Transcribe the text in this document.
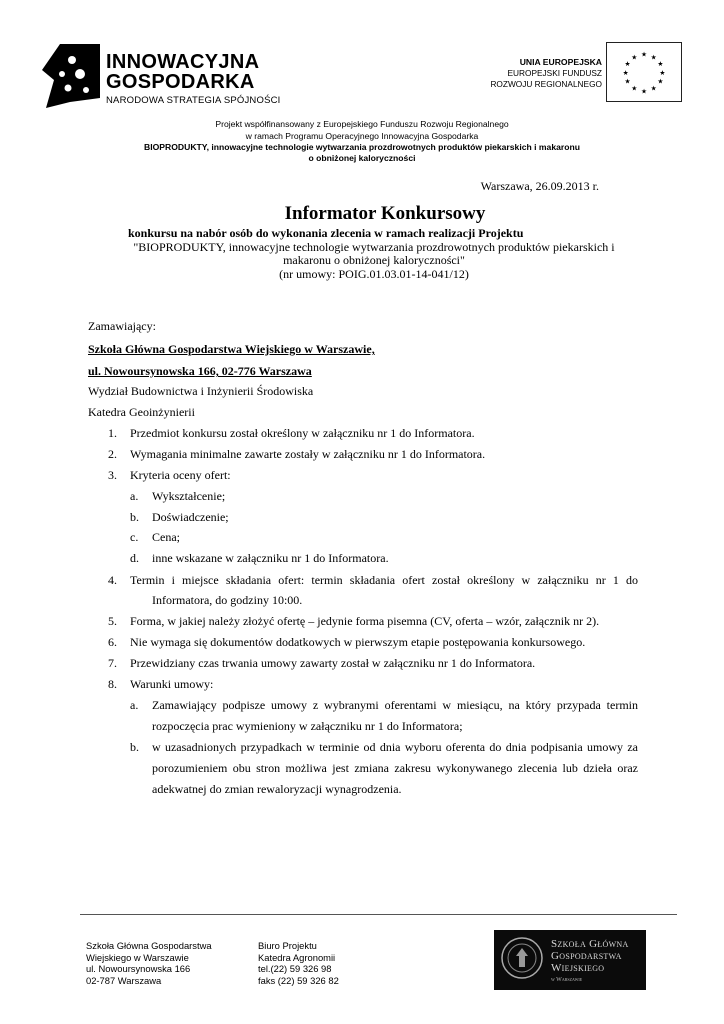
INNOWACYJNA
GOSPODARKA
NARODOWA STRATEGIA SPÓJNOŚCI
UNIA EUROPEJSKA
EUROPEJSKI FUNDUSZ
ROZWOJU REGIONALNEGO
★ ★
★
★
★
★
★
★
★
★
★
★
Projekt współfinansowany z Europejskiego Funduszu Rozwoju Regionalnego
w ramach Programu Operacyjnego Innowacyjna Gospodarka
BIOPRODUKTY, innowacyjne technologie wytwarzania prozdrowotnych produktów piekarskich i makaronu
o obniżonej kaloryczności
Warszawa, 26.09.2013 r.
Informator Konkursowy
konkursu na nabór osób do wykonania zlecenia w ramach realizacji Projektu
"BIOPRODUKTY, innowacyjne technologie wytwarzania prozdrowotnych produktów piekarskich i
makaronu o obniżonej kaloryczności"
(nr umowy: POIG.01.03.01-14-041/12)
Zamawiający:
Szkoła Główna Gospodarstwa Wiejskiego w Warszawie,
ul. Nowoursynowska 166, 02-776 Warszawa
Wydział Budownictwa i Inżynierii Środowiska
Katedra Geoinżynierii
1. Przedmiot konkursu został określony w załączniku nr 1 do Informatora.
2. Wymagania minimalne zawarte zostały w załączniku nr 1 do Informatora.
3. Kryteria oceny ofert:
a. Wykształcenie;
b. Doświadczenie;
c. Cena;
d. inne wskazane w załączniku nr 1 do Informatora.
4. Termin i miejsce składania ofert: termin składania ofert został określony w załączniku nr 1 do
Informatora, do godziny 10:00.
5. Forma, w jakiej należy złożyć ofertę – jedynie forma pisemna (CV, oferta – wzór, załącznik nr 2).
6. Nie wymaga się dokumentów dodatkowych w pierwszym etapie postępowania konkursowego.
7. Przewidziany czas trwania umowy zawarty został w załączniku nr 1 do Informatora.
8. Warunki umowy:
a. Zamawiający podpisze umowy z wybranymi oferentami w miesiącu, na który przypada termin
rozpoczęcia prac wymieniony w załączniku nr 1 do Informatora;
b. w uzasadnionych przypadkach w terminie od dnia wyboru oferenta do dnia podpisania umowy za
porozumieniem obu stron możliwa jest zmiana zakresu wykonywanego zlecenia lub dzieła oraz
adekwatnej do zmian rewaloryzacji wynagrodzenia.
Szkoła Główna Gospodarstwa
Wiejskiego w Warszawie
ul. Nowoursynowska 166
02-787 Warszawa
Biuro Projektu
Katedra Agronomii
tel.(22) 59 326 98
faks (22) 59 326 82
Szkoła Główna
Gospodarstwa
Wiejskiego
w Warszawie
